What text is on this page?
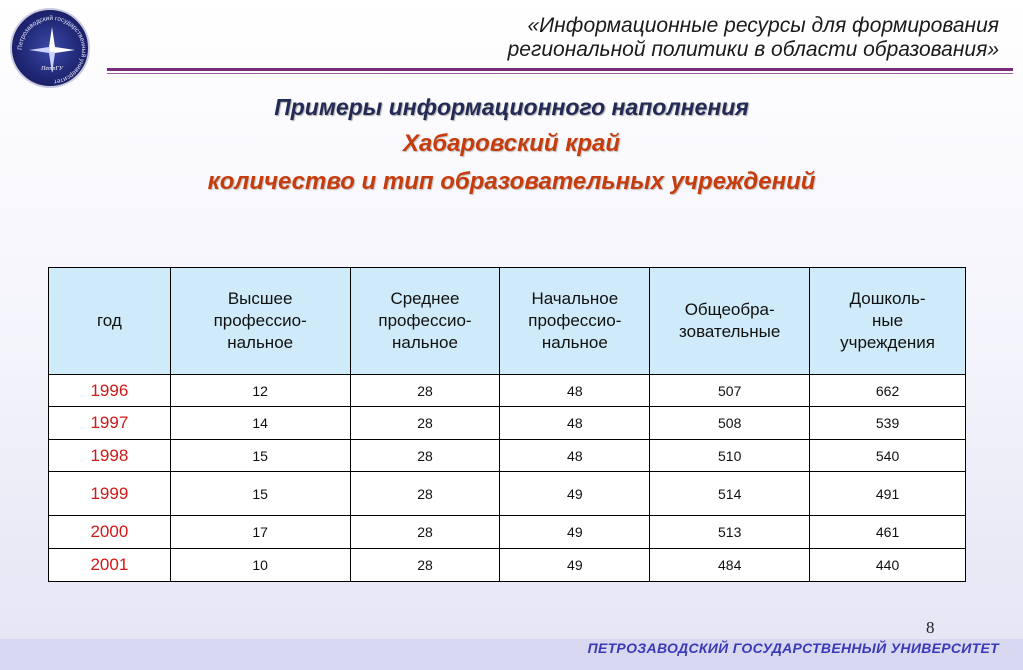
Петрозаводский государственный университет
ПетрГУ
«Информационные ресурсы для формирования
региональной политики в области образования»
Примеры информационного наполнения
Хабаровский край
количество и тип образовательных учреждений
год	Высшее
профессио-
нальное	Среднее
профессио-
нальное	Начальное
профессио-
нальное	Общеобра-
зовательные	Дошколь-
ные
учреждения
1996	12	28	48	507	662
1997	14	28	48	508	539
1998	15	28	48	510	540
1999	15	28	49	514	491
2000	17	28	49	513	461
2001	10	28	49	484	440
8
ПЕТРОЗАВОДСКИЙ ГОСУДАРСТВЕННЫЙ УНИВЕРСИТЕТ
